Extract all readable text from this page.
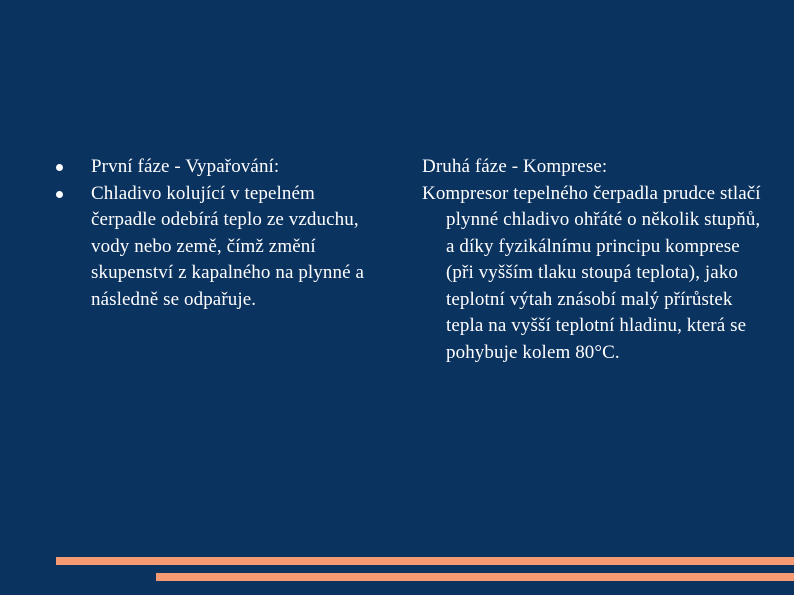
První fáze - Vypařování:
Chladivo kolující v tepelném čerpadle odebírá teplo ze vzduchu, vody nebo země, čímž změní skupenství z kapalného na plynné a následně se odpařuje.
Druhá fáze - Komprese:
Kompresor tepelného čerpadla prudce stlačí plynné chladivo ohřáté o několik stupňů, a díky fyzikálnímu principu komprese (při vyšším tlaku stoupá teplota), jako teplotní výtah znásobí malý přírůstek tepla na vyšší teplotní hladinu, která se pohybuje kolem 80°C.
